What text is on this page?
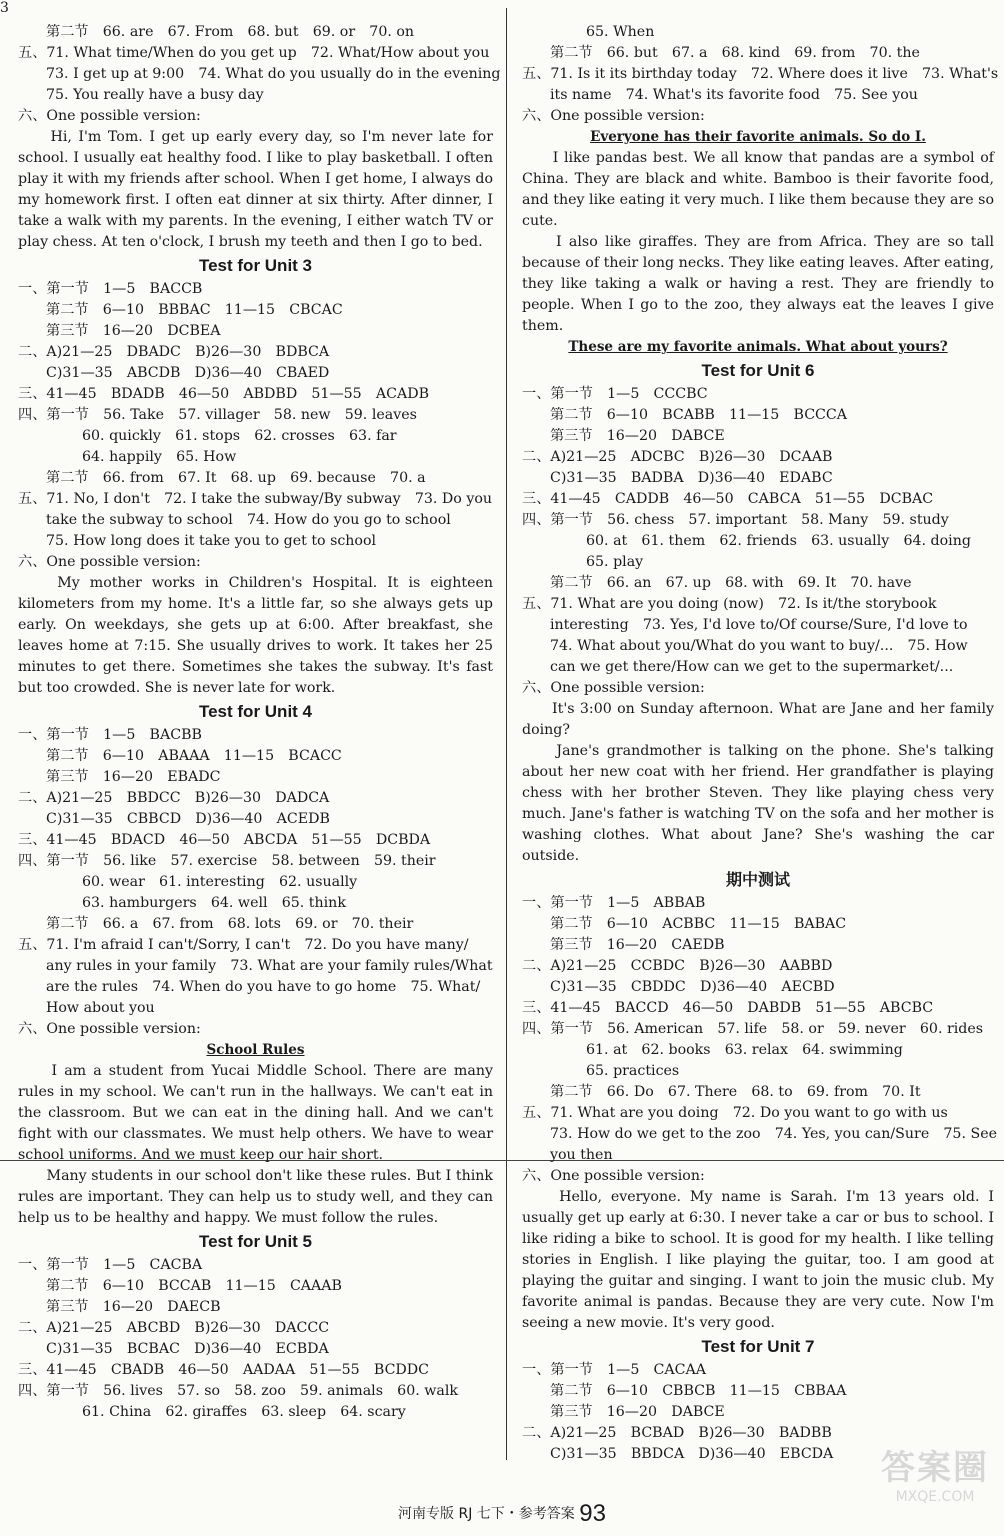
3
第二节　66. are　67. From　68. but　69. or　70. on
五、71. What time/When do you get up　72. What/How about you
73. I get up at 9:00　74. What do you usually do in the evening
75. You really have a busy day
六、One possible version:
　　Hi, I'm Tom. I get up early every day, so I'm never late for school. I usually eat healthy food. I like to play basketball. I often play it with my friends after school. When I get home, I always do my homework first. I often eat dinner at six thirty. After dinner, I take a walk with my parents. In the evening, I either watch TV or play chess. At ten o'clock, I brush my teeth and then I go to bed.
Test for Unit 3
一、第一节　1—5　BACCB
第二节　6—10　BBBAC　11—15　CBCAC
第三节　16—20　DCBEA
二、A)21—25　DBADC　B)26—30　BDBCA
C)31—35　ABCDB　D)36—40　CBAED
三、41—45　BDADB　46—50　ABDBD　51—55　ACADB
四、第一节　56. Take　57. villager　58. new　59. leaves
60. quickly　61. stops　62. crosses　63. far
64. happily　65. How
第二节　66. from　67. It　68. up　69. because　70. a
五、71. No, I don't　72. I take the subway/By subway　73. Do you
take the subway to school　74. How do you go to school
75. How long does it take you to get to school
六、One possible version:
　　My mother works in Children's Hospital. It is eighteen kilometers from my home. It's a little far, so she always gets up early. On weekdays, she gets up at 6:00. After breakfast, she leaves home at 7:15. She usually drives to work. It takes her 25 minutes to get there. Sometimes she takes the subway. It's fast but too crowded. She is never late for work.
Test for Unit 4
一、第一节　1—5　BACBB
第二节　6—10　ABAAA　11—15　BCACC
第三节　16—20　EBADC
二、A)21—25　BBDCC　B)26—30　DADCA
C)31—35　CBBCD　D)36—40　ACEDB
三、41—45　BDACD　46—50　ABCDA　51—55　DCBDA
四、第一节　56. like　57. exercise　58. between　59. their
60. wear　61. interesting　62. usually
63. hamburgers　64. well　65. think
第二节　66. a　67. from　68. lots　69. or　70. their
五、71. I'm afraid I can't/Sorry, I can't　72. Do you have many/
any rules in your family　73. What are your family rules/What
are the rules　74. When do you have to go home　75. What/
How about you
六、One possible version:
School Rules
　　I am a student from Yucai Middle School. There are many rules in my school. We can't run in the hallways. We can't eat in the classroom. But we can eat in the dining hall. And we can't fight with our classmates. We must help others. We have to wear school uniforms. And we must keep our hair short.
　　Many students in our school don't like these rules. But I think rules are important. They can help us to study well, and they can help us to be healthy and happy. We must follow the rules.
Test for Unit 5
一、第一节　1—5　CACBA
第二节　6—10　BCCAB　11—15　CAAAB
第三节　16—20　DAECB
二、A)21—25　ABCBD　B)26—30　DACCC
C)31—35　BCBAC　D)36—40　ECBDA
三、41—45　CBADB　46—50　AADAA　51—55　BCDDC
四、第一节　56. lives　57. so　58. zoo　59. animals　60. walk
61. China　62. giraffes　63. sleep　64. scary
65. When
第二节　66. but　67. a　68. kind　69. from　70. the
五、71. Is it its birthday today　72. Where does it live　73. What's
its name　74. What's its favorite food　75. See you
六、One possible version:
Everyone has their favorite animals. So do I.
　　I like pandas best. We all know that pandas are a symbol of China. They are black and white. Bamboo is their favorite food, and they like eating it very much. I like them because they are so cute.
　　I also like giraffes. They are from Africa. They are so tall because of their long necks. They like eating leaves. After eating, they like taking a walk or having a rest. They are friendly to people. When I go to the zoo, they always eat the leaves I give them.
These are my favorite animals. What about yours?
Test for Unit 6
一、第一节　1—5　CCCBC
第二节　6—10　BCABB　11—15　BCCCA
第三节　16—20　DABCE
二、A)21—25　ADCBC　B)26—30　DCAAB
C)31—35　BADBA　D)36—40　EDABC
三、41—45　CADDB　46—50　CABCA　51—55　DCBAC
四、第一节　56. chess　57. important　58. Many　59. study
60. at　61. them　62. friends　63. usually　64. doing
65. play
第二节　66. an　67. up　68. with　69. It　70. have
五、71. What are you doing (now)　72. Is it/the storybook
interesting　73. Yes, I'd love to/Of course/Sure, I'd love to
74. What about you/What do you want to buy/...　75. How
can we get there/How can we get to the supermarket/...
六、One possible version:
　　It's 3:00 on Sunday afternoon. What are Jane and her family doing?
　　Jane's grandmother is talking on the phone. She's talking about her new coat with her friend. Her grandfather is playing chess with her brother Steven. They like playing chess very much. Jane's father is watching TV on the sofa and her mother is washing clothes. What about Jane? She's washing the car outside.
期中测试
一、第一节　1—5　ABBAB
第二节　6—10　ACBBC　11—15　BABAC
第三节　16—20　CAEDB
二、A)21—25　CCBDC　B)26—30　AABBD
C)31—35　CBDDC　D)36—40　AECBD
三、41—45　BACCD　46—50　DABDB　51—55　ABCBC
四、第一节　56. American　57. life　58. or　59. never　60. rides
61. at　62. books　63. relax　64. swimming
65. practices
第二节　66. Do　67. There　68. to　69. from　70. It
五、71. What are you doing　72. Do you want to go with us
73. How do we get to the zoo　74. Yes, you can/Sure　75. See
you then
六、One possible version:
　　Hello, everyone. My name is Sarah. I'm 13 years old. I usually get up early at 6:30. I never take a car or bus to school. I like riding a bike to school. It is good for my health. I like telling stories in English. I like playing the guitar, too. I am good at playing the guitar and singing. I want to join the music club. My favorite animal is pandas. Because they are very cute. Now I'm seeing a new movie. It's very good.
Test for Unit 7
一、第一节　1—5　CACAA
第二节　6—10　CBBCB　11—15　CBBAA
第三节　16—20　DABCE
二、A)21—25　BCBAD　B)26—30　BADBB
C)31—35　BBDCA　D)36—40　EBCDA
河南专版 RJ 七下・参考答案 93
答案圈
MXQE.COM
